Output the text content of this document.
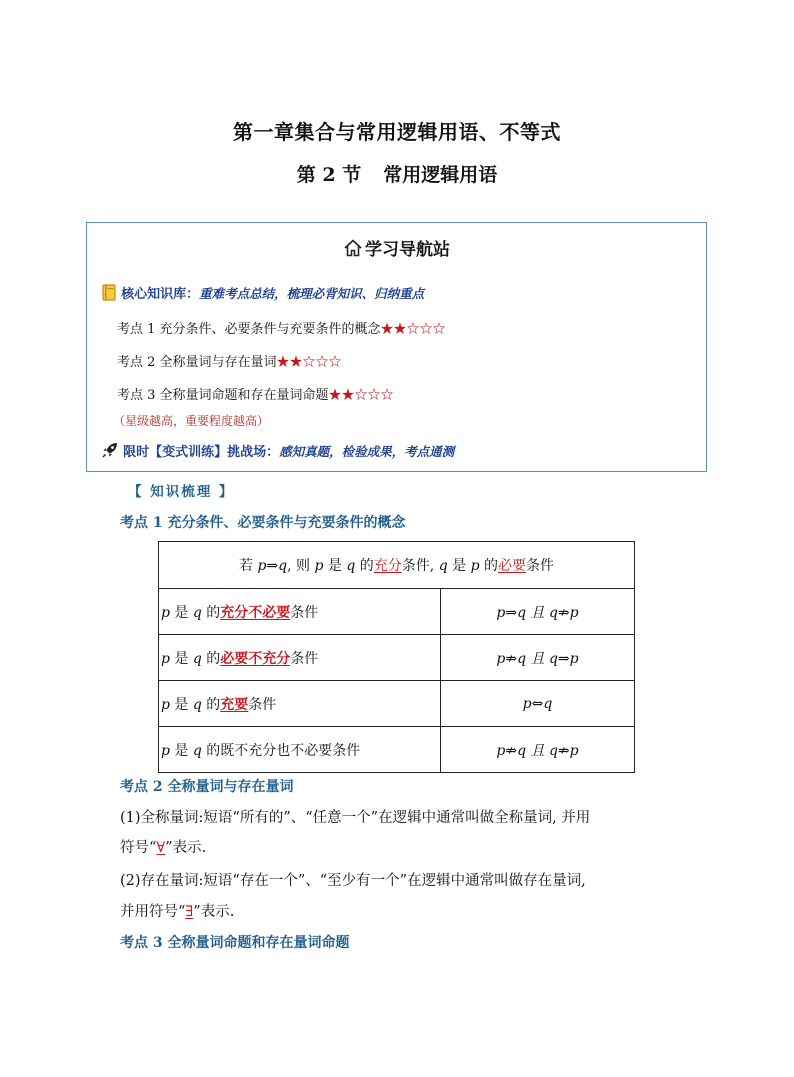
第一章集合与常用逻辑用语、不等式
第 2 节 常用逻辑用语
学习导航站
核心知识库：重难考点总结，梳理必背知识、归纳重点
考点 1 充分条件、必要条件与充要条件的概念★★☆☆☆
考点 2 全称量词与存在量词★★☆☆☆
考点 3 全称量词命题和存在量词命题★★☆☆☆
（星级越高，重要程度越高）
限时【变式训练】挑战场：感知真题，检验成果，考点通测
【 知识梳理 】
考点 1 充分条件、必要条件与充要条件的概念
若 p⇒q, 则 p 是 q 的充分条件, q 是 p 的必要条件	
p 是 q 的充分不必要条件	p⇒q 且 q⇏p
p 是 q 的必要不充分条件	p⇏q 且 q⇒p
p 是 q 的充要条件	p⇔q
p 是 q 的既不充分也不必要条件	p⇏q 且 q⇏p
考点 2 全称量词与存在量词
(1)全称量词:短语“所有的”、“任意一个”在逻辑中通常叫做全称量词, 并用
符号“∀”表示.
(2)存在量词:短语“存在一个”、“至少有一个”在逻辑中通常叫做存在量词,
并用符号“∃”表示.
考点 3 全称量词命题和存在量词命题
